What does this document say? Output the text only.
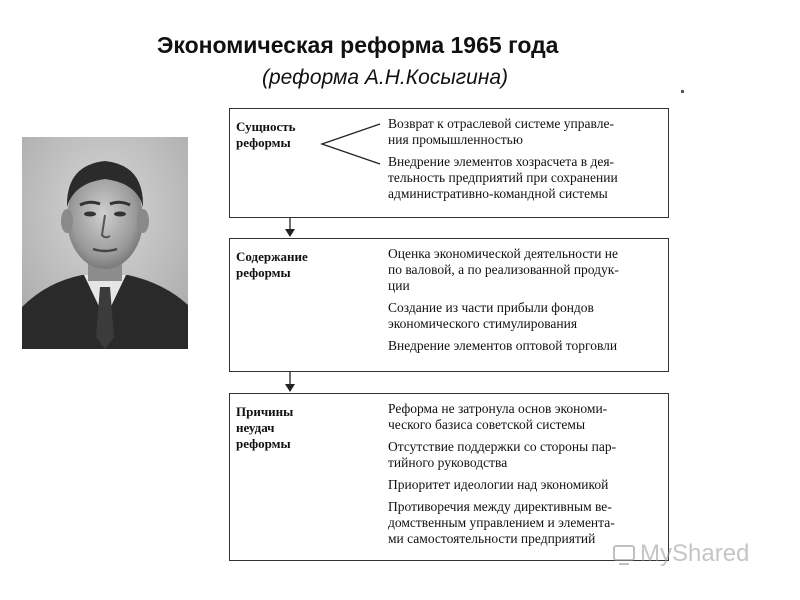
Экономическая реформа 1965 года
(реформа А.Н.Косыгина)
Сущность
реформы
Возврат к отраслевой системе управле-
ния промышленностью
Внедрение элементов хозрасчета в дея-
тельность предприятий при сохранении
административно-командной системы
Содержание
реформы
Оценка экономической деятельности не
по валовой, а по реализованной продук-
ции
Создание из части прибыли фондов
экономического стимулирования
Внедрение элементов оптовой торговли
Причины
неудач
реформы
Реформа не затронула основ экономи-
ческого базиса советской системы
Отсутствие поддержки со стороны пар-
тийного руководства
Приоритет идеологии над экономикой
Противоречия между директивным ве-
домственным управлением и элемента-
ми самостоятельности предприятий
MyShared
